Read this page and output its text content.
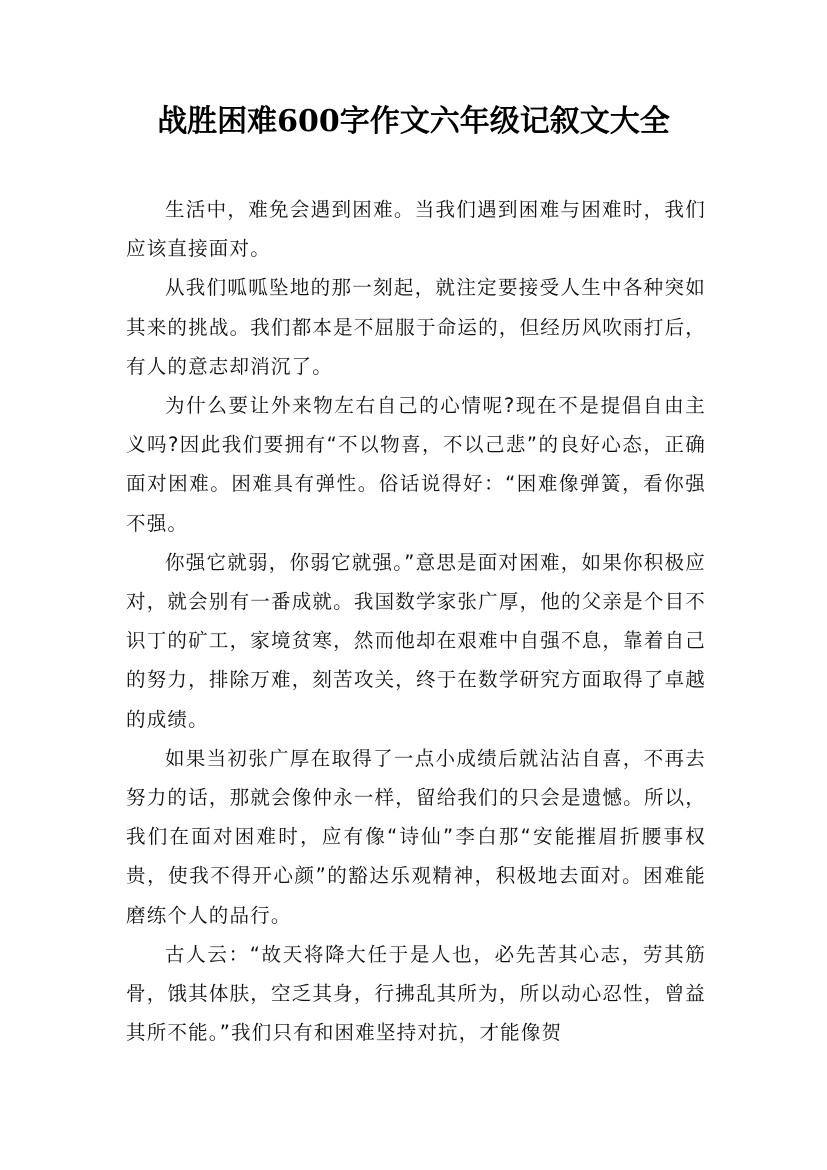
战胜困难600字作文六年级记叙文大全

生活中，难免会遇到困难。当我们遇到困难与困难时，我们应该直接面对。

从我们呱呱坠地的那一刻起，就注定要接受人生中各种突如其来的挑战。我们都本是不屈服于命运的，但经历风吹雨打后，有人的意志却消沉了。

为什么要让外来物左右自己的心情呢?现在不是提倡自由主义吗?因此我们要拥有“不以物喜，不以己悲”的良好心态，正确面对困难。困难具有弹性。俗话说得好：“困难像弹簧，看你强不强。

你强它就弱，你弱它就强。”意思是面对困难，如果你积极应对，就会别有一番成就。我国数学家张广厚，他的父亲是个目不识丁的矿工，家境贫寒，然而他却在艰难中自强不息，靠着自己的努力，排除万难，刻苦攻关，终于在数学研究方面取得了卓越的成绩。

如果当初张广厚在取得了一点小成绩后就沾沾自喜，不再去努力的话，那就会像仲永一样，留给我们的只会是遗憾。所以，我们在面对困难时，应有像“诗仙”李白那“安能摧眉折腰事权贵，使我不得开心颜”的豁达乐观精神，积极地去面对。困难能磨练个人的品行。

古人云：“故天将降大任于是人也，必先苦其心志，劳其筋骨，饿其体肤，空乏其身，行拂乱其所为，所以动心忍性，曾益其所不能。”我们只有和困难坚持对抗，才能像贺
